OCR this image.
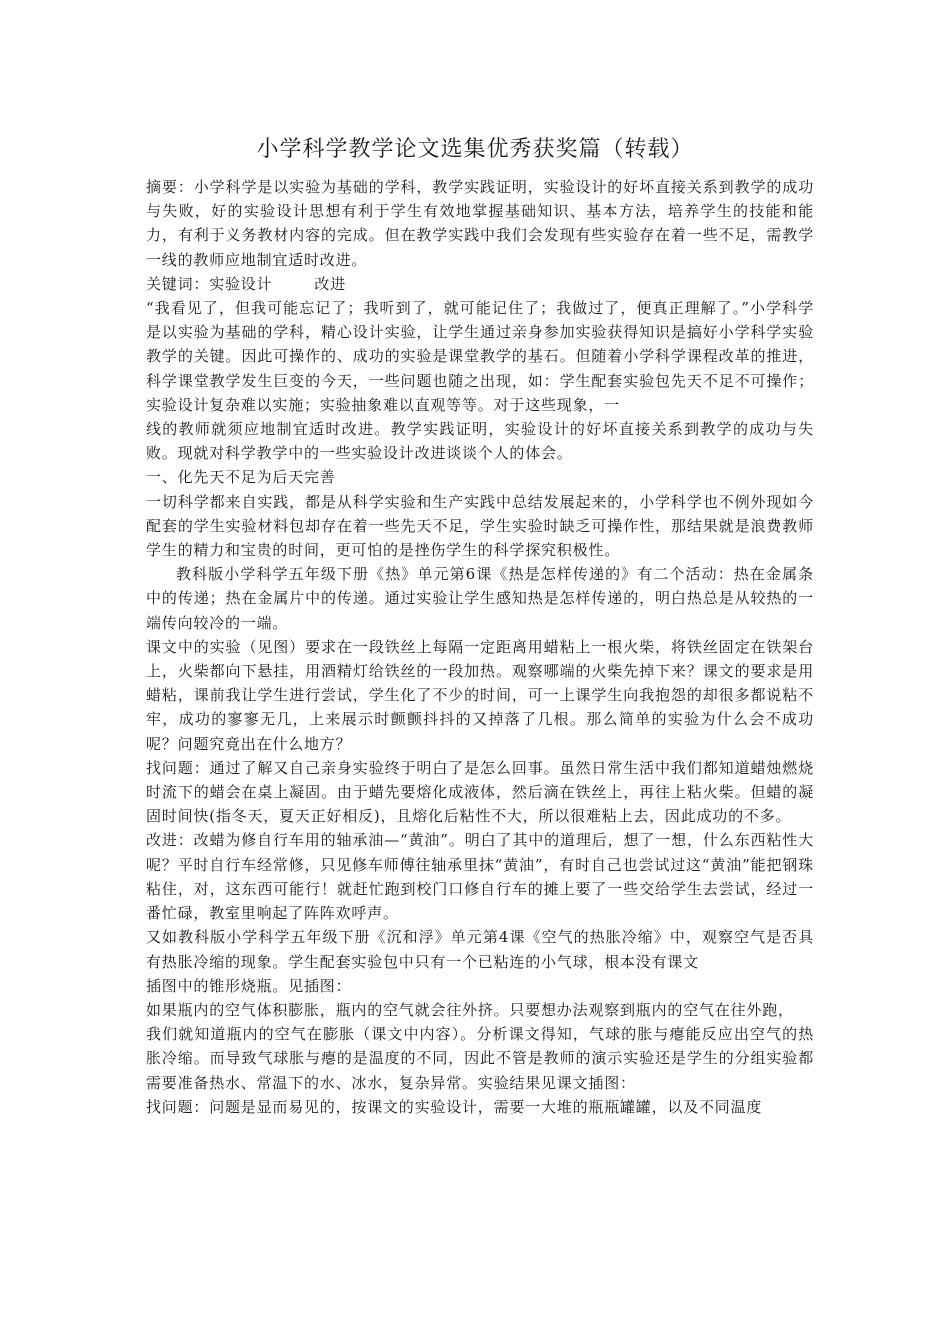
小学科学教学论文选集优秀获奖篇（转载）

摘要：小学科学是以实验为基础的学科，教学实践证明，实验设计的好坏直接关系到教学的成功与失败，好的实验设计思想有利于学生有效地掌握基础知识、基本方法，培养学生的技能和能力，有利于义务教材内容的完成。但在教学实践中我们会发现有些实验存在着一些不足，需教学一线的教师应地制宜适时改进。

关键词：实验设计	改进

“我看见了，但我可能忘记了；我听到了，就可能记住了；我做过了，便真正理解了。”小学科学是以实验为基础的学科，精心设计实验，让学生通过亲身参加实验获得知识是搞好小学科学实验教学的关键。因此可操作的、成功的实验是课堂教学的基石。但随着小学科学课程改革的推进，科学课堂教学发生巨变的今天，一些问题也随之出现，如：学生配套实验包先天不足不可操作；实验设计复杂难以实施；实验抽象难以直观等等。对于这些现象，一

线的教师就须应地制宜适时改进。教学实践证明，实验设计的好坏直接关系到教学的成功与失败。现就对科学教学中的一些实验设计改进谈谈个人的体会。

一、化先天不足为后天完善

一切科学都来自实践，都是从科学实验和生产实践中总结发展起来的，小学科学也不例外现如今配套的学生实验材料包却存在着一些先天不足，学生实验时缺乏可操作性，那结果就是浪费教师学生的精力和宝贵的时间，更可怕的是挫伤学生的科学探究积极性。

教科版小学科学五年级下册《热》单元第6课《热是怎样传递的》有二个活动：热在金属条中的传递；热在金属片中的传递。通过实验让学生感知热是怎样传递的，明白热总是从较热的一端传向较冷的一端。

课文中的实验（见图）要求在一段铁丝上每隔一定距离用蜡粘上一根火柴，将铁丝固定在铁架台上，火柴都向下悬挂，用酒精灯给铁丝的一段加热。观察哪端的火柴先掉下来？课文的要求是用蜡粘，课前我让学生进行尝试，学生化了不少的时间，可一上课学生向我抱怨的却很多都说粘不牢，成功的寥寥无几，上来展示时颤颤抖抖的又掉落了几根。那么简单的实验为什么会不成功呢？问题究竟出在什么地方？

找问题：通过了解又自己亲身实验终于明白了是怎么回事。虽然日常生活中我们都知道蜡烛燃烧时流下的蜡会在桌上凝固。由于蜡先要熔化成液体，然后滴在铁丝上，再往上粘火柴。但蜡的凝固时间快(指冬天，夏天正好相反)，且熔化后粘性不大，所以很难粘上去，因此成功的不多。

改进：改蜡为修自行车用的轴承油—“黄油”。明白了其中的道理后，想了一想，什么东西粘性大呢？平时自行车经常修，只见修车师傅往轴承里抹“黄油”，有时自己也尝试过这“黄油”能把钢珠粘住，对，这东西可能行！就赶忙跑到校门口修自行车的摊上要了一些交给学生去尝试，经过一番忙碌，教室里响起了阵阵欢呼声。

又如教科版小学科学五年级下册《沉和浮》单元第4课《空气的热胀冷缩》中，观察空气是否具有热胀冷缩的现象。学生配套实验包中只有一个已粘连的小气球，根本没有课文

插图中的锥形烧瓶。见插图：

如果瓶内的空气体积膨胀，瓶内的空气就会往外挤。只要想办法观察到瓶内的空气在往外跑，

我们就知道瓶内的空气在膨胀（课文中内容）。分析课文得知，气球的胀与瘪能反应出空气的热胀冷缩。而导致气球胀与瘪的是温度的不同，因此不管是教师的演示实验还是学生的分组实验都需要准备热水、常温下的水、冰水，复杂异常。实验结果见课文插图：

找问题：问题是显而易见的，按课文的实验设计，需要一大堆的瓶瓶罐罐，以及不同温度
